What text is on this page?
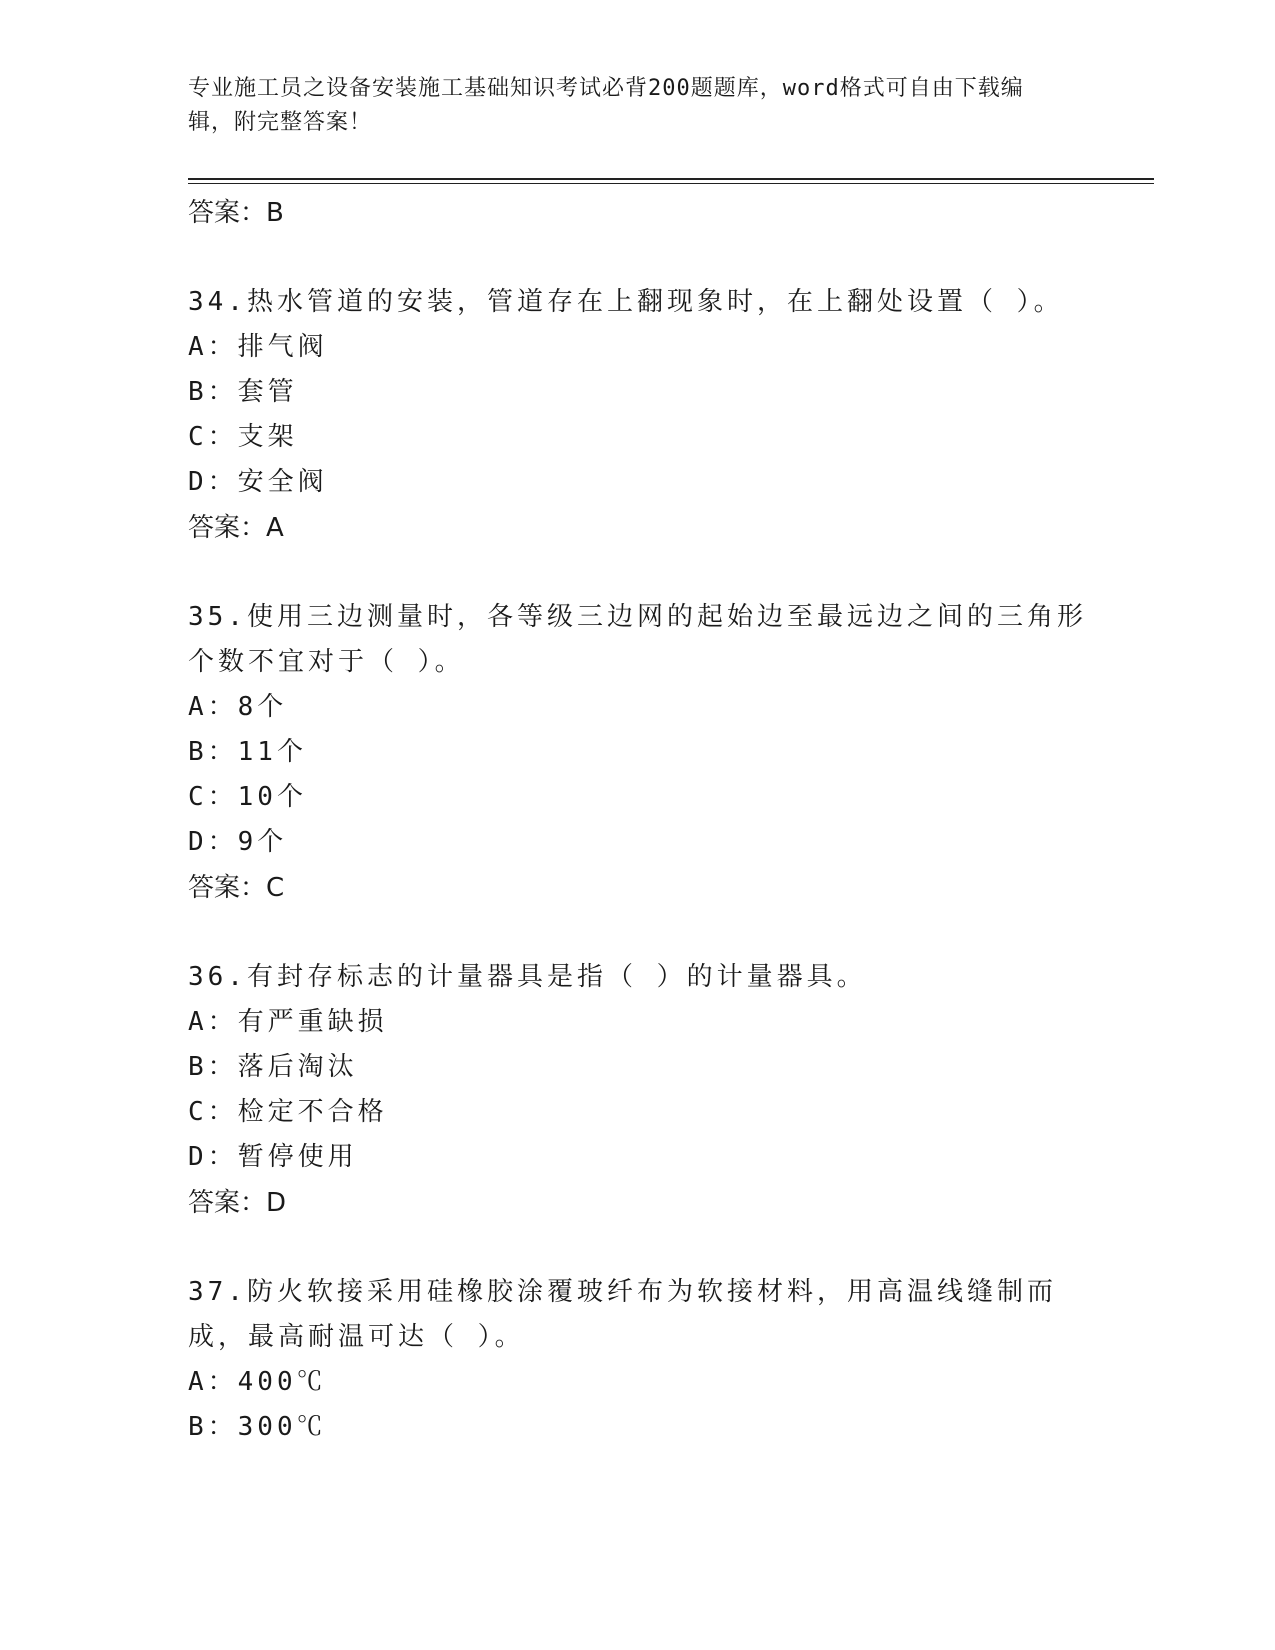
专业施工员之设备安装施工基础知识考试必背200题题库，word格式可自由下载编辑，附完整答案！
答案：B
34.热水管道的安装，管道存在上翻现象时，在上翻处设置（ ）。
A：排气阀
B：套管
C：支架
D：安全阀
答案：A
35.使用三边测量时，各等级三边网的起始边至最远边之间的三角形个数不宜对于（ ）。
A：8个
B：11个
C：10个
D：9个
答案：C
36.有封存标志的计量器具是指（ ）的计量器具。
A：有严重缺损
B：落后淘汰
C：检定不合格
D：暂停使用
答案：D
37.防火软接采用硅橡胶涂覆玻纤布为软接材料，用高温线缝制而成，最高耐温可达（ ）。
A：400℃
B：300℃
